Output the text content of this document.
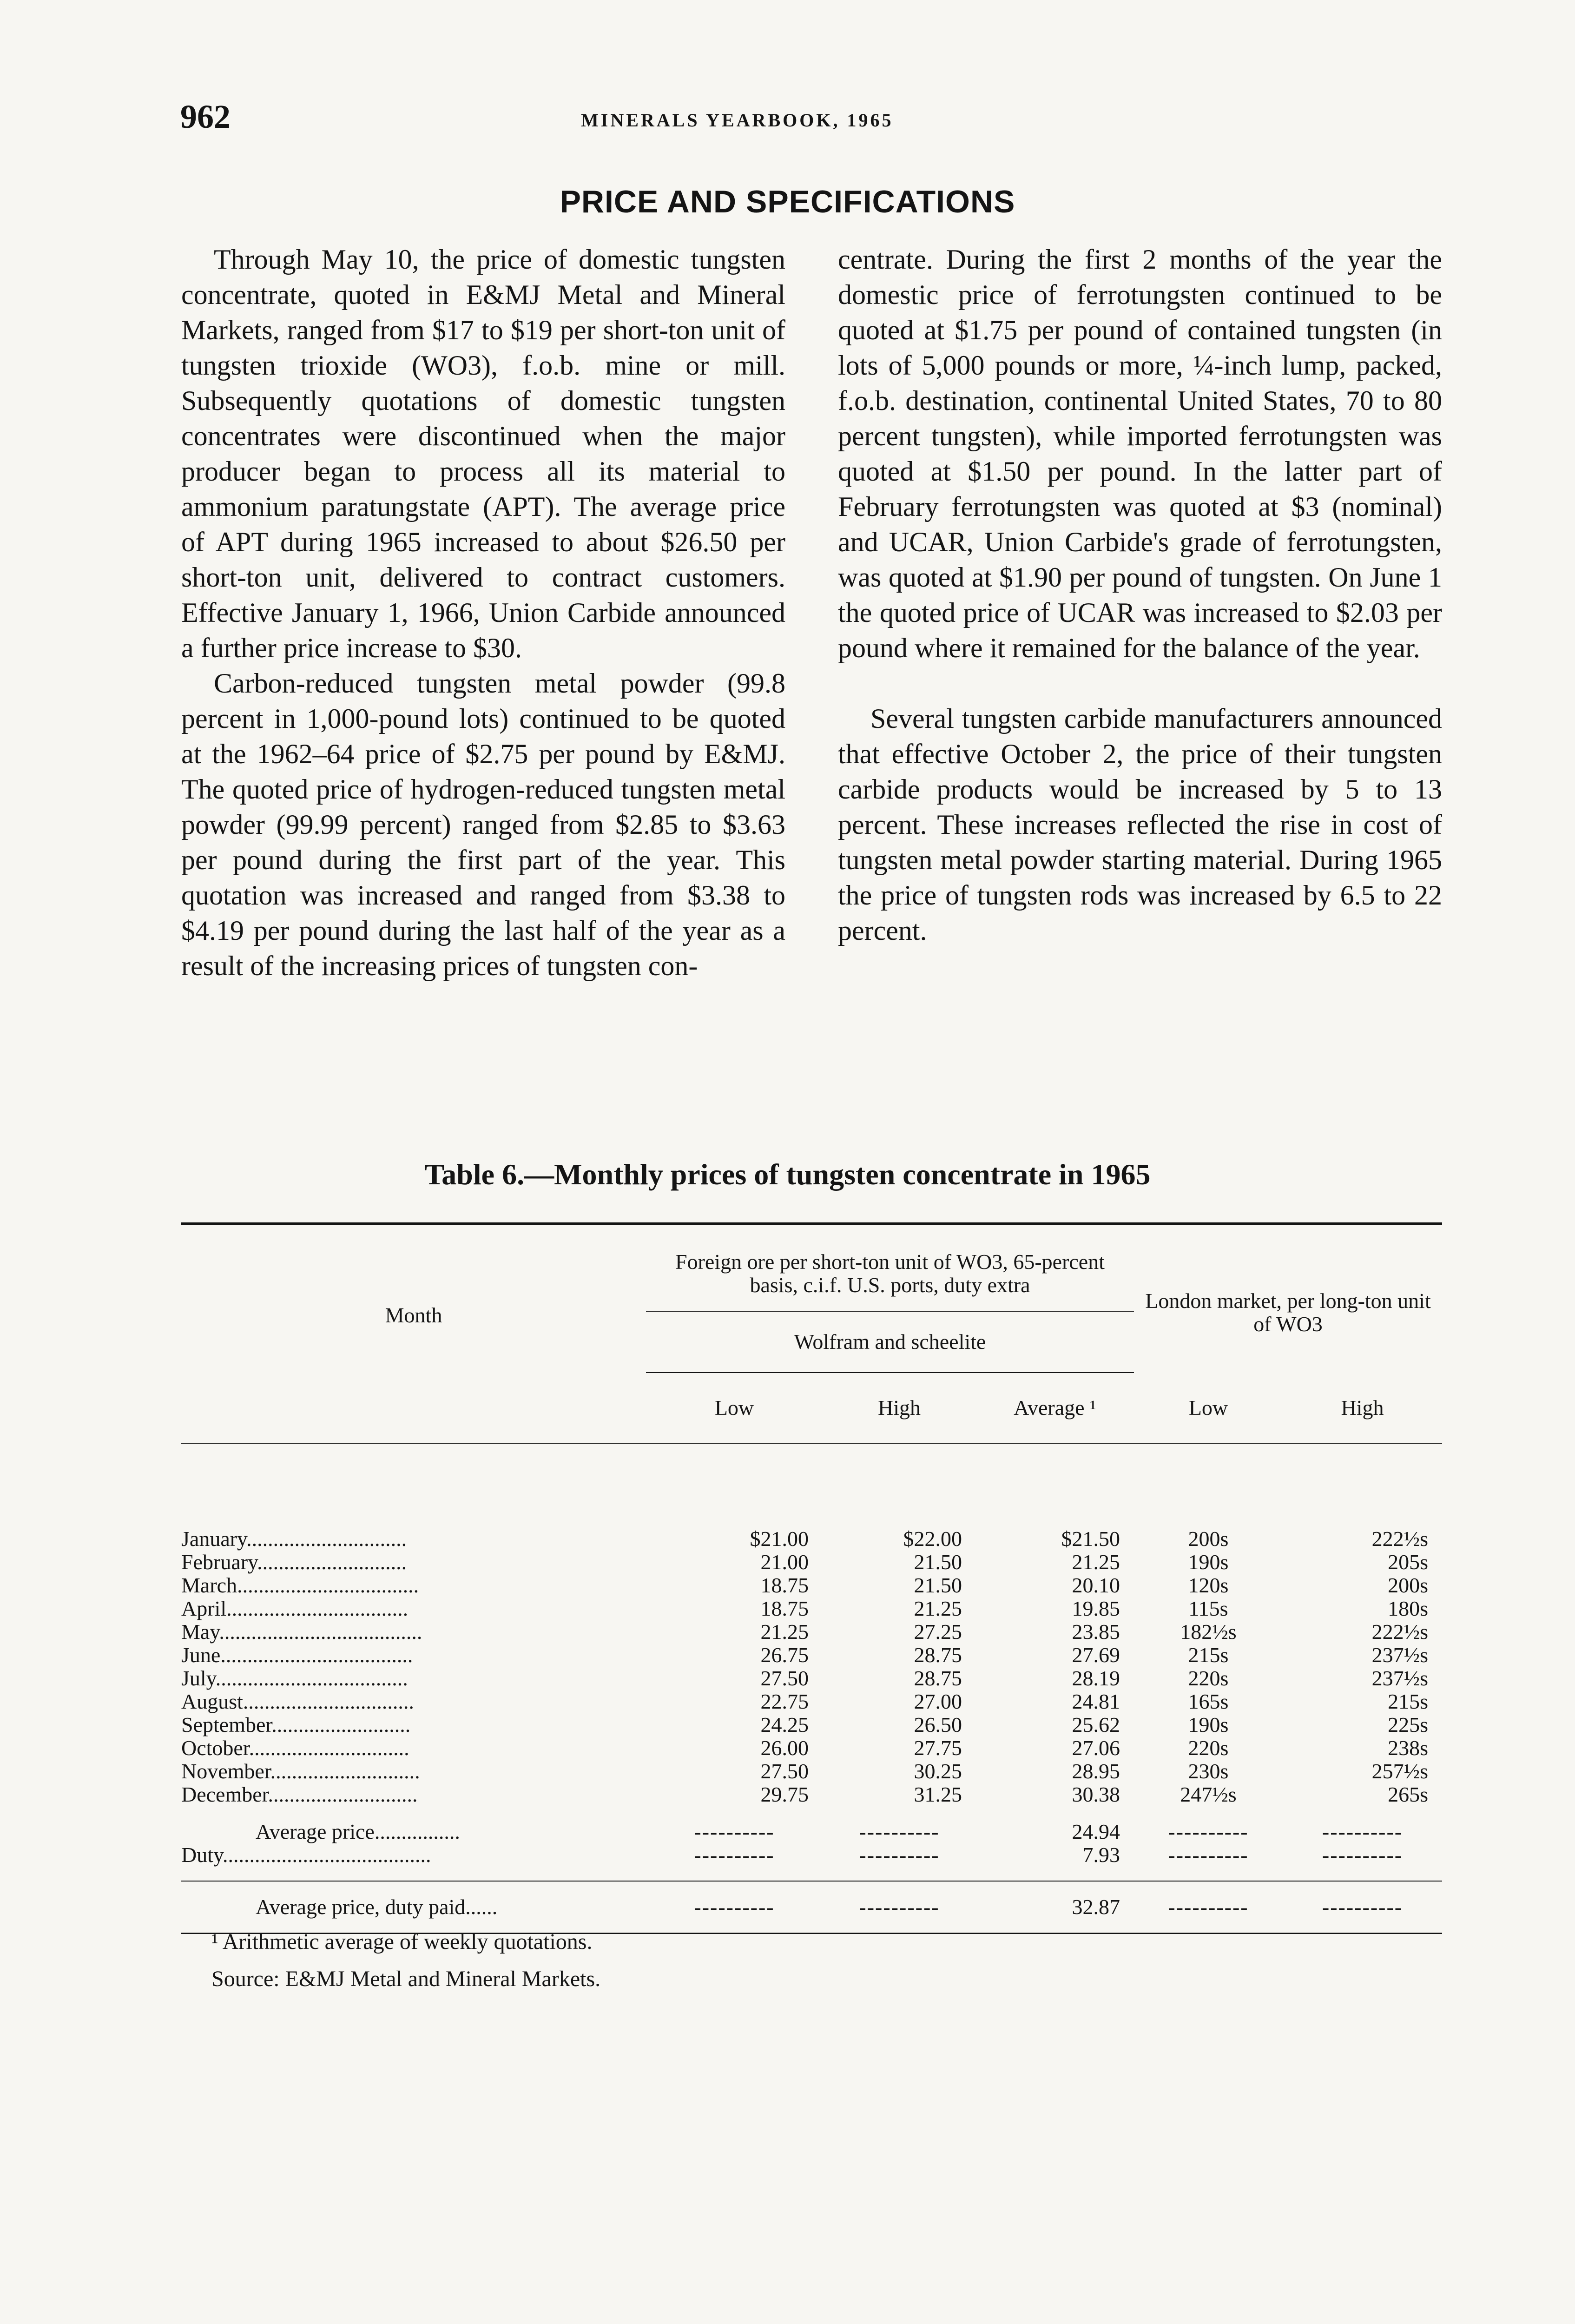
962	MINERALS YEARBOOK, 1965
PRICE AND SPECIFICATIONS

Through May 10, the price of domestic tungsten concentrate, quoted in E&MJ Metal and Mineral Markets, ranged from $17 to $19 per short-ton unit of tungsten trioxide (WO3), f.o.b. mine or mill. Subsequently quotations of domestic tungsten concentrates were discontinued when the major producer began to process all its material to ammonium paratungstate (APT). The average price of APT during 1965 increased to about $26.50 per short-ton unit, delivered to contract customers. Effective January 1, 1966, Union Carbide announced a further price increase to $30.

Carbon-reduced tungsten metal powder (99.8 percent in 1,000-pound lots) continued to be quoted at the 1962–64 price of $2.75 per pound by E&MJ. The quoted price of hydrogen-reduced tungsten metal powder (99.99 percent) ranged from $2.85 to $3.63 per pound during the first part of the year. This quotation was increased and ranged from $3.38 to $4.19 per pound during the last half of the year as a result of the increasing prices of tungsten con-

centrate. During the first 2 months of the year the domestic price of ferrotungsten continued to be quoted at $1.75 per pound of contained tungsten (in lots of 5,000 pounds or more, ¼-inch lump, packed, f.o.b. destination, continental United States, 70 to 80 percent tungsten), while imported ferrotungsten was quoted at $1.50 per pound. In the latter part of February ferrotungsten was quoted at $3 (nominal) and UCAR, Union Carbide's grade of ferrotungsten, was quoted at $1.90 per pound of tungsten. On June 1 the quoted price of UCAR was increased to $2.03 per pound where it remained for the balance of the year.

Several tungsten carbide manufacturers announced that effective October 2, the price of their tungsten carbide products would be increased by 5 to 13 percent. These increases reflected the rise in cost of tungsten metal powder starting material. During 1965 the price of tungsten rods was increased by 6.5 to 22 percent.

Table 6.—Monthly prices of tungsten concentrate in 1965
Month	Foreign ore per short-ton unit of WO3, 65-percent basis, c.i.f. U.S. ports, duty extra			London market, per long-ton unit of WO3	
	Wolfram and scheelite				
	Low	High	Average ¹	Low	High
January..............................	$21.00	$22.00	$21.50	200s	222½s
February............................	21.00	21.50	21.25	190s	205s
March..................................	18.75	21.50	20.10	120s	200s
April..................................	18.75	21.25	19.85	115s	180s
May......................................	21.25	27.25	23.85	182½s	222½s
June....................................	26.75	28.75	27.69	215s	237½s
July....................................	27.50	28.75	28.19	220s	237½s
August................................	22.75	27.00	24.81	165s	215s
September..........................	24.25	26.50	25.62	190s	225s
October..............................	26.00	27.75	27.06	220s	238s
November............................	27.50	30.25	28.95	230s	257½s
December............................	29.75	31.25	30.38	247½s	265s
Average price................	----------	----------	24.94	----------	----------
Duty.......................................	----------	----------	7.93	----------	----------
Average price, duty paid......	----------	----------	32.87	----------	----------
¹ Arithmetic average of weekly quotations.
Source: E&MJ Metal and Mineral Markets.
